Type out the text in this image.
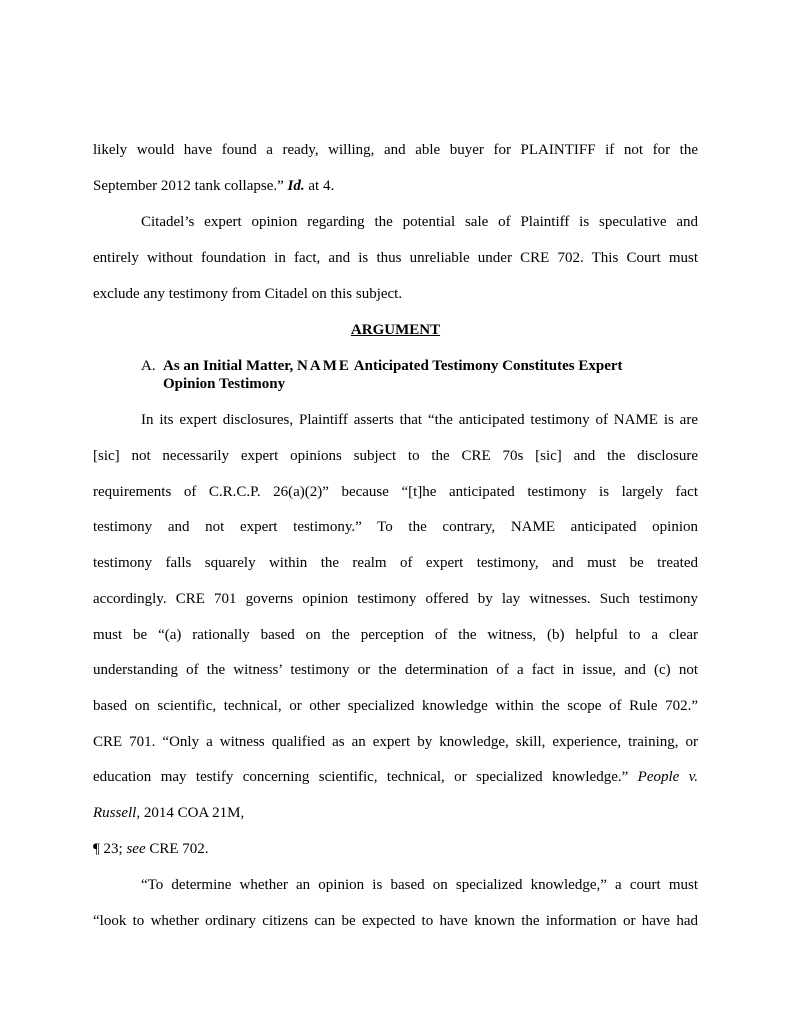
likely would have found a ready, willing, and able buyer for PLAINTIFF if not for the
September 2012 tank collapse.” Id. at 4.
Citadel’s expert opinion regarding the potential sale of Plaintiff is speculative and
entirely without foundation in fact, and is thus unreliable under CRE 702. This Court must
exclude any testimony from Citadel on this subject.
ARGUMENT
A. As an Initial Matter, NAME Anticipated Testimony Constitutes Expert
Opinion Testimony
In its expert disclosures, Plaintiff asserts that “the anticipated testimony of NAME is are
[sic] not necessarily expert opinions subject to the CRE 70s [sic] and the disclosure
requirements of C.R.C.P. 26(a)(2)” because “[t]he anticipated testimony is largely fact
testimony and not expert testimony.” To the contrary, NAME anticipated opinion
testimony falls squarely within the realm of expert testimony, and must be treated
accordingly. CRE 701 governs opinion testimony offered by lay witnesses. Such testimony
must be “(a) rationally based on the perception of the witness, (b) helpful to a clear
understanding of the witness’ testimony or the determination of a fact in issue, and (c) not
based on scientific, technical, or other specialized knowledge within the scope of Rule 702.”
CRE 701. “Only a witness qualified as an expert by knowledge, skill, experience, training, or
education may testify concerning scientific, technical, or specialized knowledge.” People v.
Russell, 2014 COA 21M,
¶ 23; see CRE 702.
“To determine whether an opinion is based on specialized knowledge,” a court must
“look to whether ordinary citizens can be expected to have known the information or have had
